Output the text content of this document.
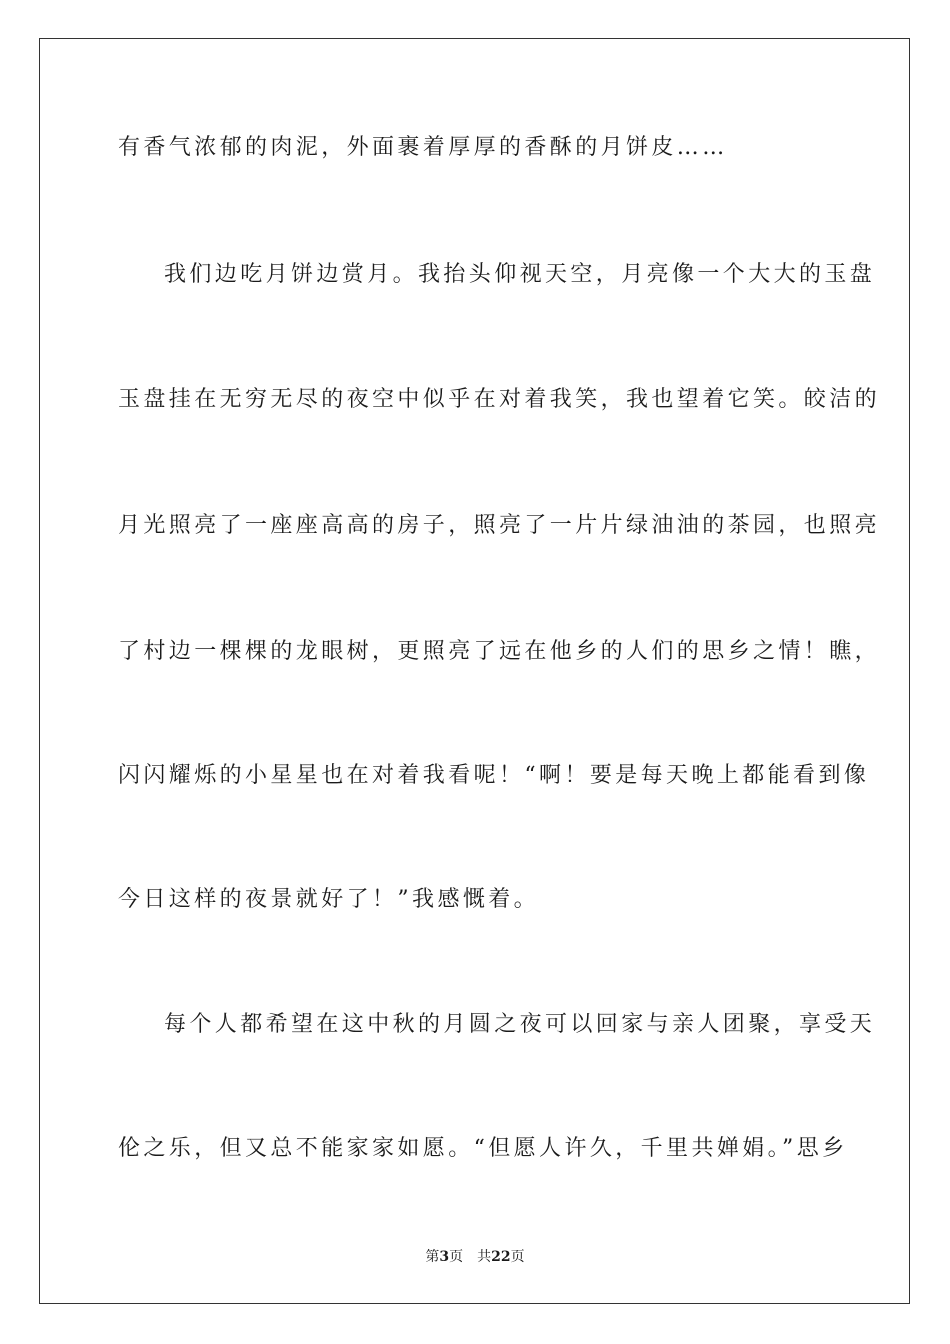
有香气浓郁的肉泥，外面裹着厚厚的香酥的月饼皮……

我们边吃月饼边赏月。我抬头仰视天空，月亮像一个大大的玉盘

玉盘挂在无穷无尽的夜空中似乎在对着我笑，我也望着它笑。皎洁的

月光照亮了一座座高高的房子，照亮了一片片绿油油的茶园，也照亮

了村边一棵棵的龙眼树，更照亮了远在他乡的人们的思乡之情！瞧，

闪闪耀烁的小星星也在对着我看呢！“啊！要是每天晚上都能看到像

今日这样的夜景就好了！”我感慨着。

每个人都希望在这中秋的月圆之夜可以回家与亲人团聚，享受天

伦之乐，但又总不能家家如愿。“但愿人许久，千里共婵娟。”思乡

第3页 共22页
